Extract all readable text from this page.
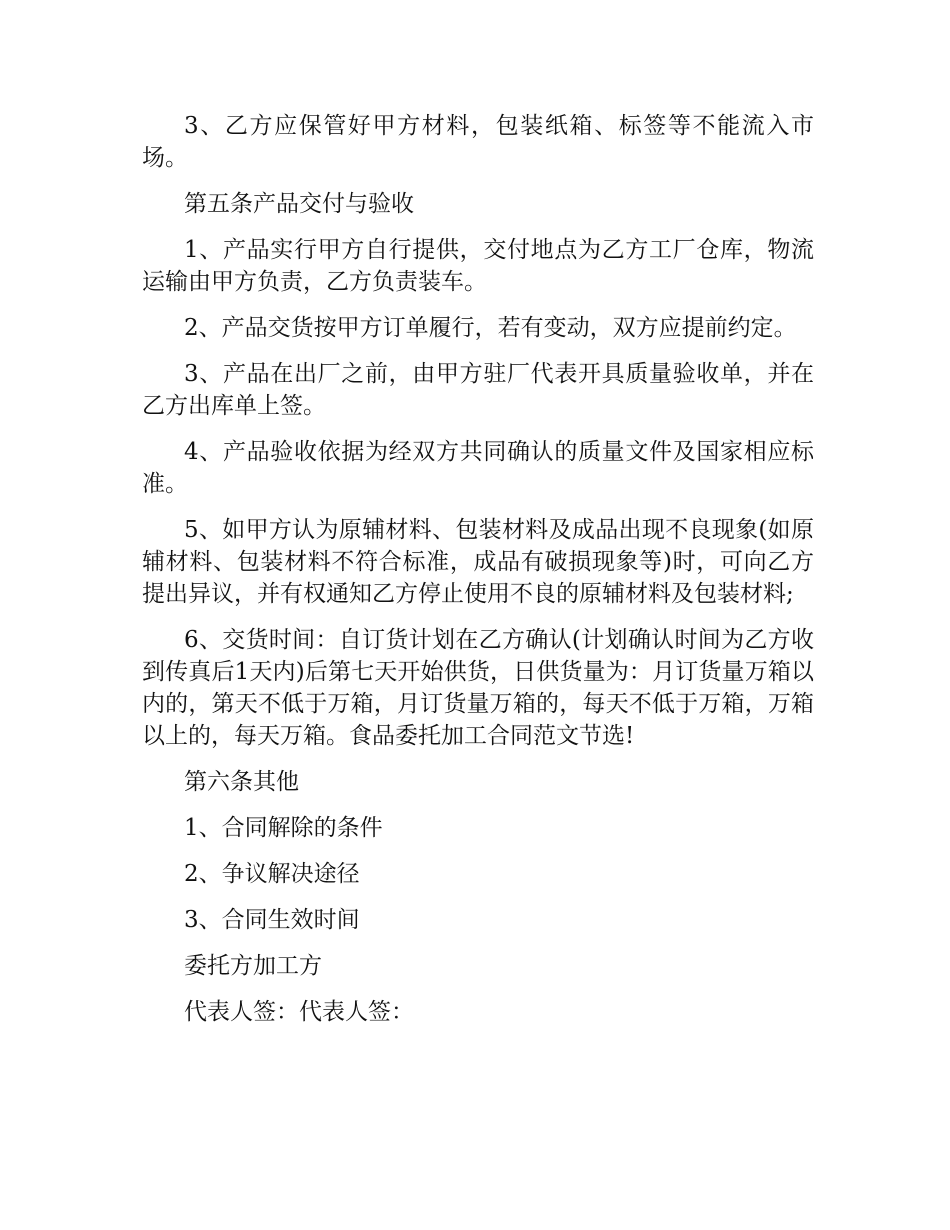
3、乙方应保管好甲方材料，包装纸箱、标签等不能流入市场。

第五条产品交付与验收

1、产品实行甲方自行提供，交付地点为乙方工厂仓库，物流运输由甲方负责，乙方负责装车。

2、产品交货按甲方订单履行，若有变动，双方应提前约定。

3、产品在出厂之前，由甲方驻厂代表开具质量验收单，并在乙方出库单上签。

4、产品验收依据为经双方共同确认的质量文件及国家相应标准。

5、如甲方认为原辅材料、包装材料及成品出现不良现象(如原辅材料、包装材料不符合标准，成品有破损现象等)时，可向乙方提出异议，并有权通知乙方停止使用不良的原辅材料及包装材料;

6、交货时间：自订货计划在乙方确认(计划确认时间为乙方收到传真后1天内)后第七天开始供货，日供货量为：月订货量万箱以内的，第天不低于万箱，月订货量万箱的，每天不低于万箱，万箱以上的，每天万箱。食品委托加工合同范文节选!

第六条其他

1、合同解除的条件

2、争议解决途径

3、合同生效时间

委托方加工方

代表人签：代表人签：
